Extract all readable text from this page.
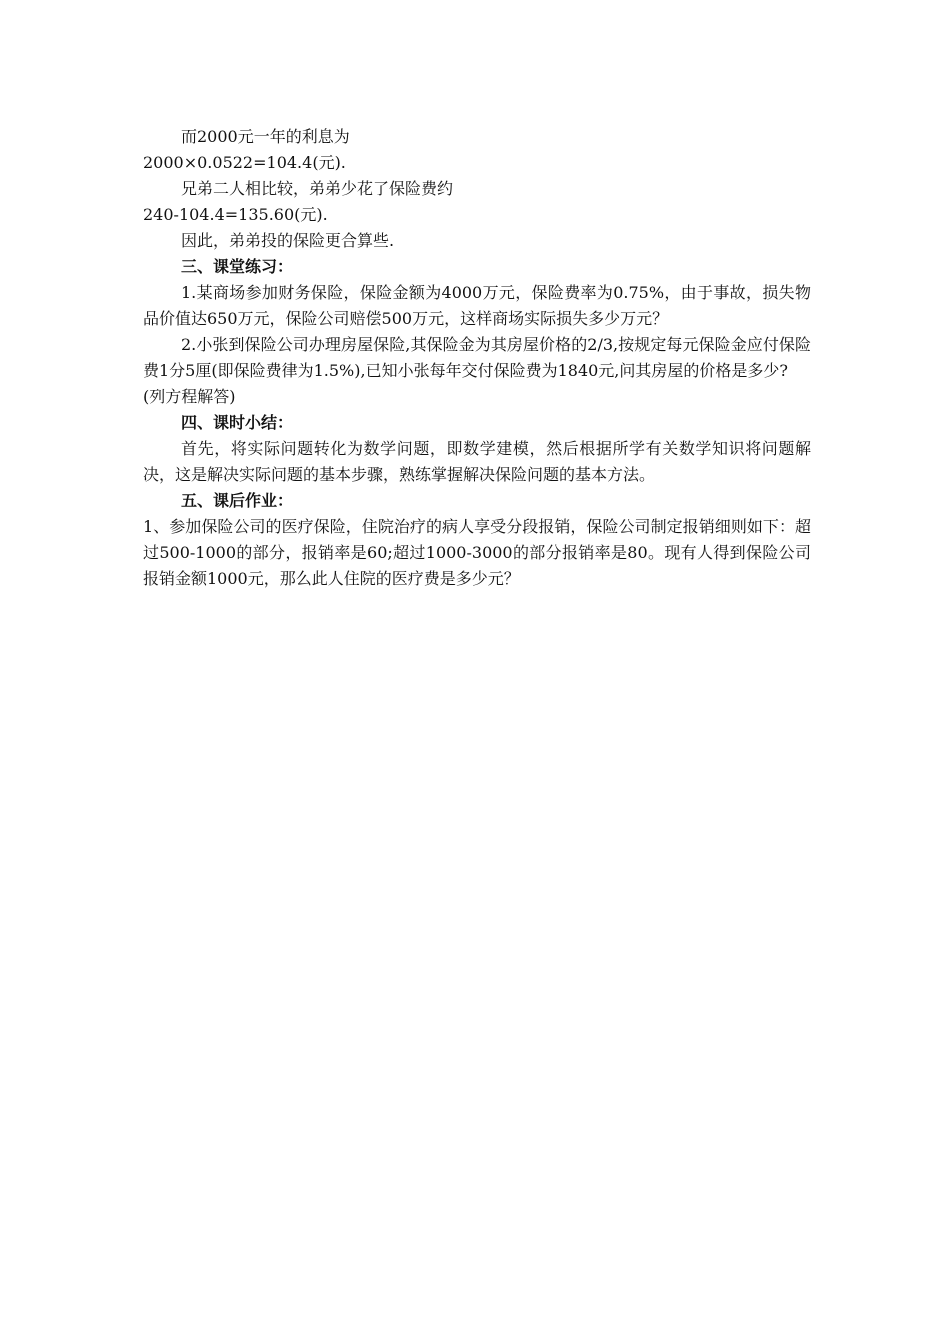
而2000元一年的利息为

2000×0.0522=104.4(元).

兄弟二人相比较，弟弟少花了保险费约

240-104.4=135.60(元).

因此，弟弟投的保险更合算些.

三、课堂练习：

1.某商场参加财务保险，保险金额为4000万元，保险费率为0.75%，由于事故，损失物品价值达650万元，保险公司赔偿500万元，这样商场实际损失多少万元？

2.小张到保险公司办理房屋保险,其保险金为其房屋价格的2/3,按规定每元保险金应付保险费1分5厘(即保险费律为1.5%),已知小张每年交付保险费为1840元,问其房屋的价格是多少?

(列方程解答)

四、课时小结：

首先，将实际问题转化为数学问题，即数学建模，然后根据所学有关数学知识将问题解决，这是解决实际问题的基本步骤，熟练掌握解决保险问题的基本方法。

五、课后作业：

1、参加保险公司的医疗保险，住院治疗的病人享受分段报销，保险公司制定报销细则如下：超过500-1000的部分，报销率是60;超过1000-3000的部分报销率是80。现有人得到保险公司报销金额1000元，那么此人住院的医疗费是多少元？
